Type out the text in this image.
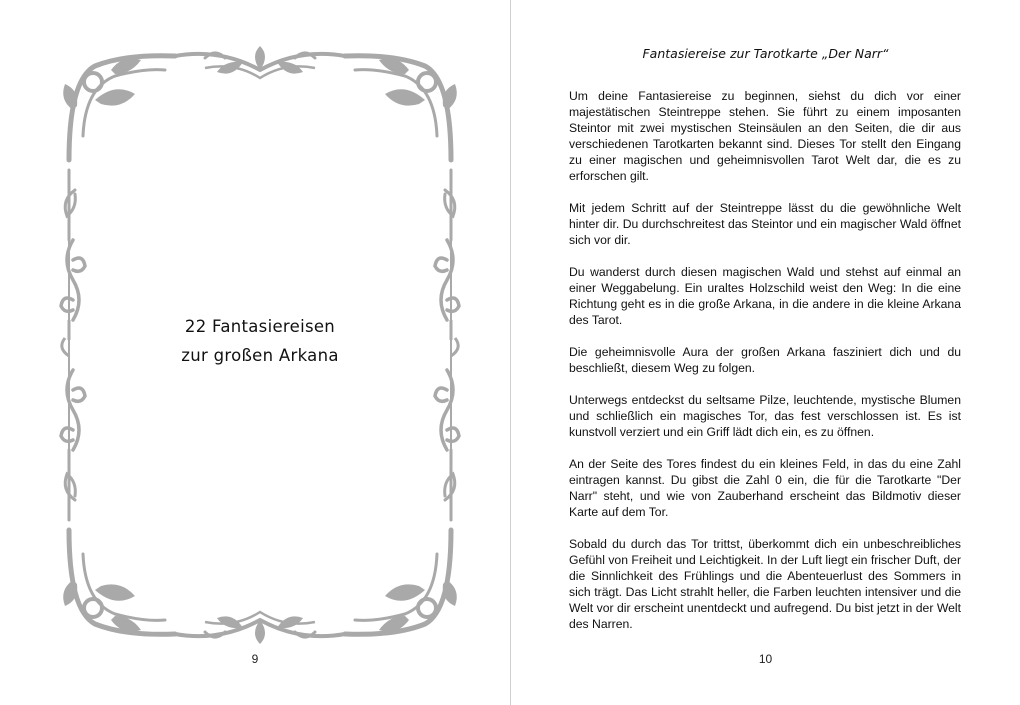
22 Fantasiereisen
zur großen Arkana
9
Fantasiereise zur Tarotkarte „Der Narr“

Um deine Fantasiereise zu beginnen, siehst du dich vor einer majestätischen Steintreppe stehen. Sie führt zu einem imposanten Steintor mit zwei mystischen Steinsäulen an den Seiten, die dir aus verschiedenen Tarotkarten bekannt sind. Dieses Tor stellt den Eingang zu einer magischen und geheimnisvollen Tarot Welt dar, die es zu erforschen gilt.

Mit jedem Schritt auf der Steintreppe lässt du die gewöhnliche Welt hinter dir. Du durchschreitest das Steintor und ein magischer Wald öffnet sich vor dir.

Du wanderst durch diesen magischen Wald und stehst auf einmal an einer Weggabelung. Ein uraltes Holzschild weist den Weg: In die eine Richtung geht es in die große Arkana, in die andere in die kleine Arkana des Tarot.

Die geheimnisvolle Aura der großen Arkana fasziniert dich und du beschließt, diesem Weg zu folgen.

Unterwegs entdeckst du seltsame Pilze, leuchtende, mystische Blumen und schließlich ein magisches Tor, das fest verschlossen ist. Es ist kunstvoll verziert und ein Griff lädt dich ein, es zu öffnen.

An der Seite des Tores findest du ein kleines Feld, in das du eine Zahl eintragen kannst. Du gibst die Zahl 0 ein, die für die Tarotkarte "Der Narr" steht, und wie von Zauberhand erscheint das Bildmotiv dieser Karte auf dem Tor.

Sobald du durch das Tor trittst, überkommt dich ein unbeschreibliches Gefühl von Freiheit und Leichtigkeit. In der Luft liegt ein frischer Duft, der die Sinnlichkeit des Frühlings und die Abenteuerlust des Sommers in sich trägt. Das Licht strahlt heller, die Farben leuchten intensiver und die Welt vor dir erscheint unentdeckt und aufregend. Du bist jetzt in der Welt des Narren.

10
